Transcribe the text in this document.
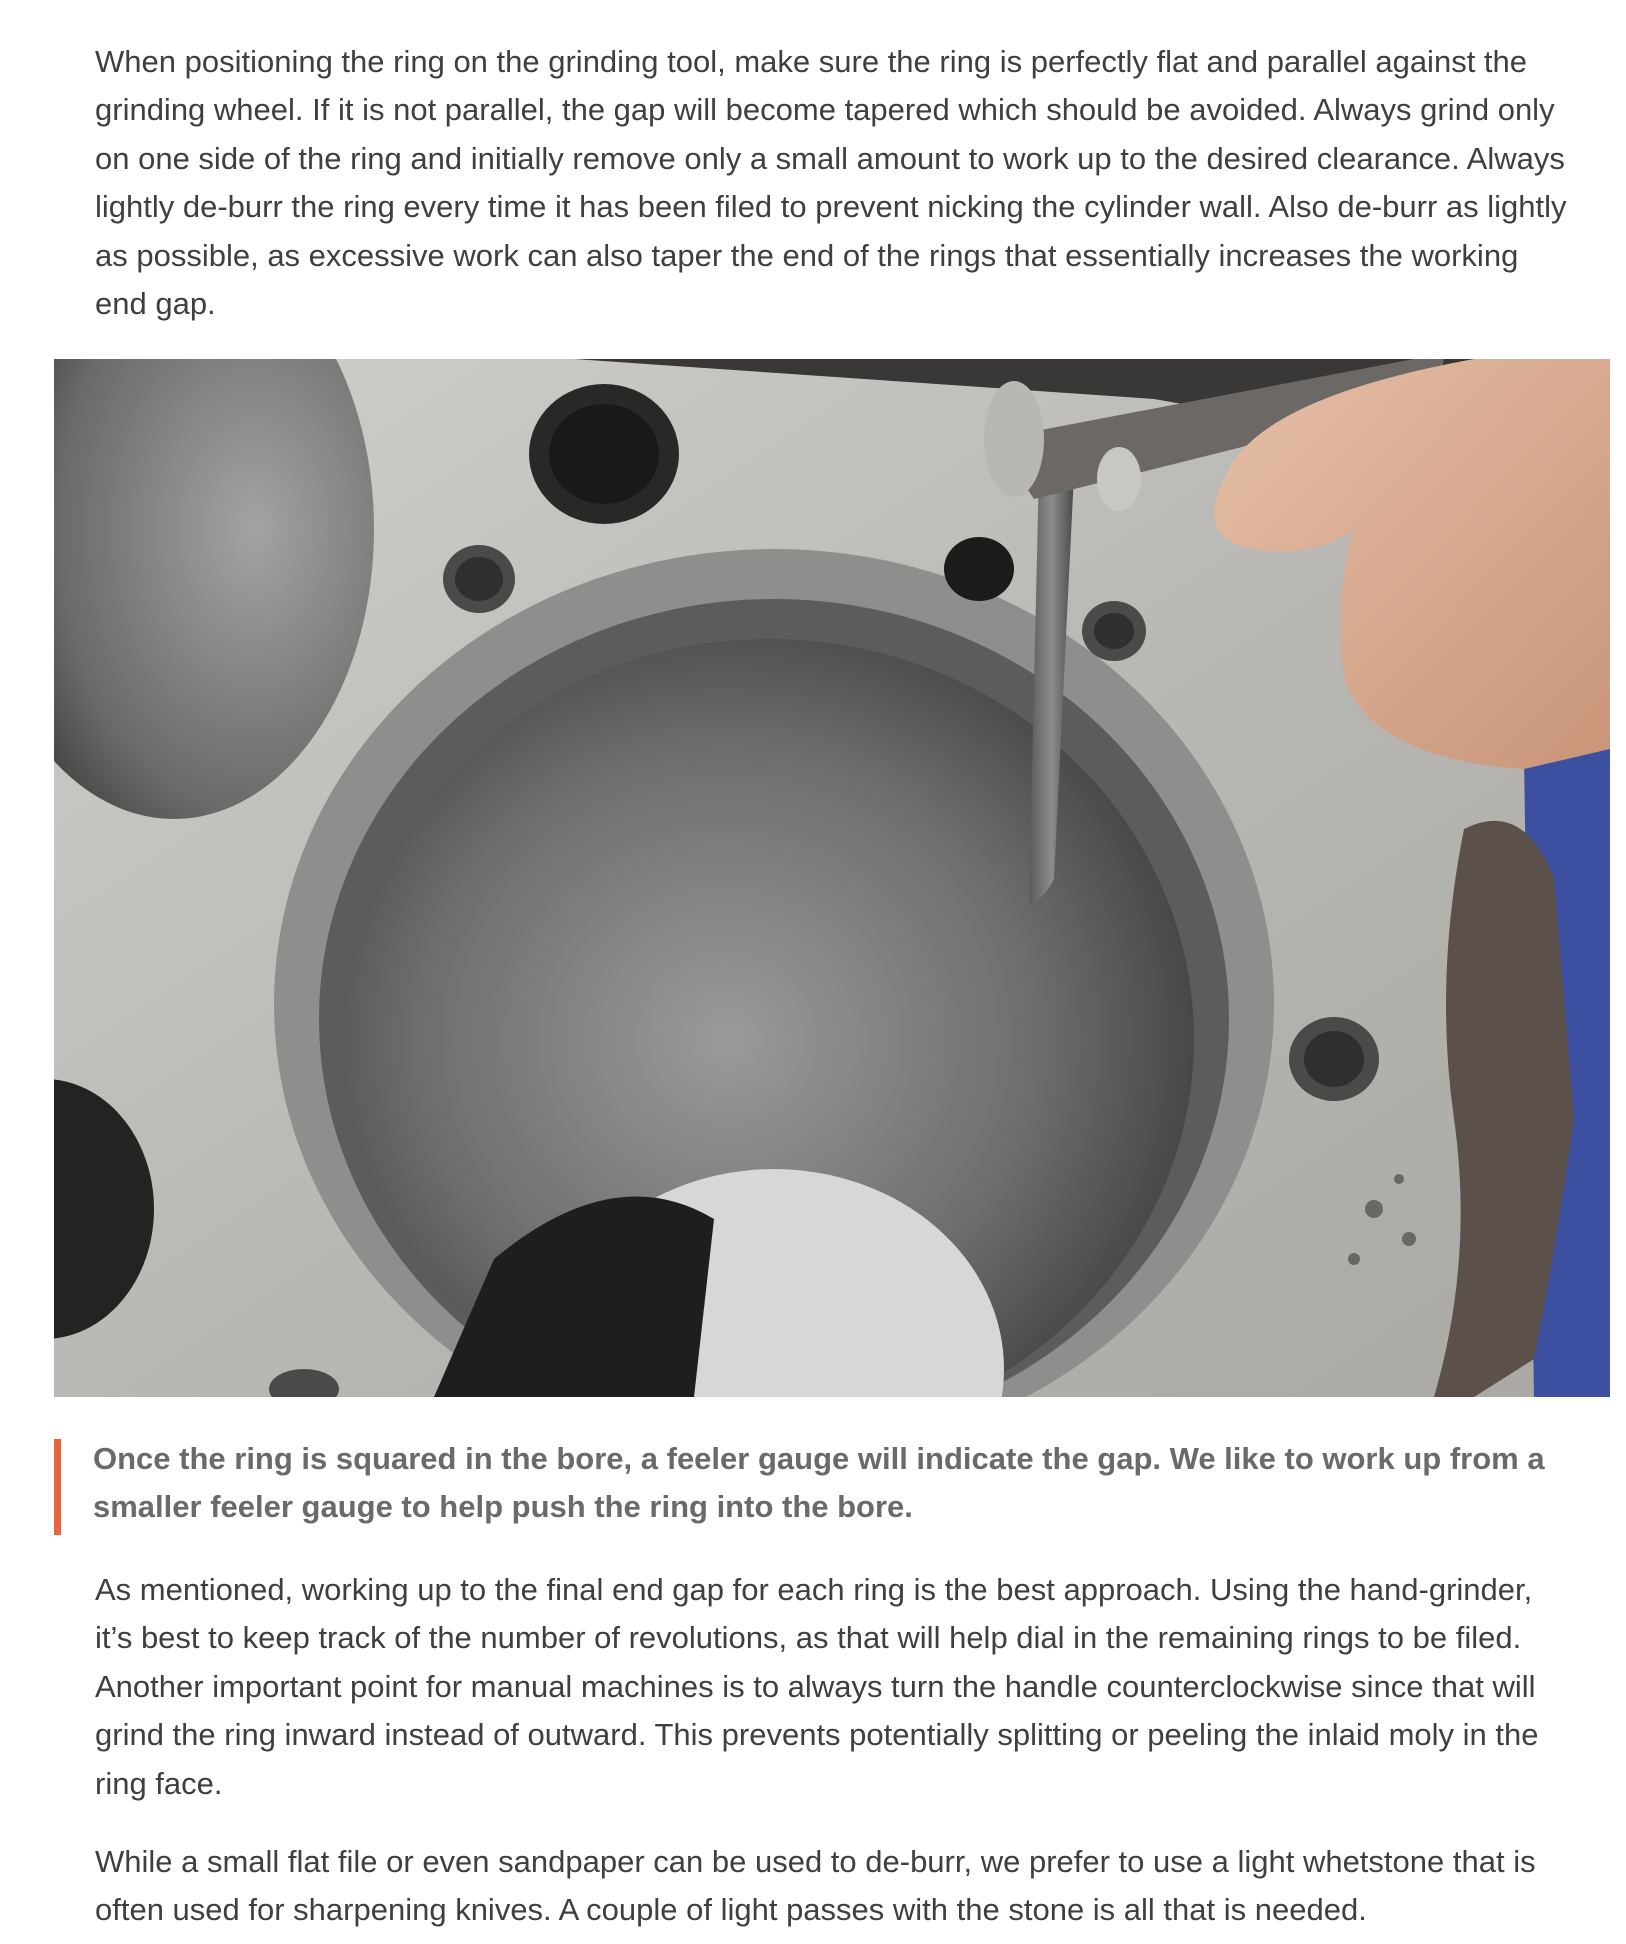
When positioning the ring on the grinding tool, make sure the ring is perfectly flat and parallel against the grinding wheel. If it is not parallel, the gap will become tapered which should be avoided. Always grind only on one side of the ring and initially remove only a small amount to work up to the desired clearance. Always lightly de-burr the ring every time it has been filed to prevent nicking the cylinder wall. Also de-burr as lightly as possible, as excessive work can also taper the end of the rings that essentially increases the working end gap.

Once the ring is squared in the bore, a feeler gauge will indicate the gap. We like to work up from a smaller feeler gauge to help push the ring into the bore.

As mentioned, working up to the final end gap for each ring is the best approach. Using the hand-grinder, it’s best to keep track of the number of revolutions, as that will help dial in the remaining rings to be filed. Another important point for manual machines is to always turn the handle counterclockwise since that will grind the ring inward instead of outward. This prevents potentially splitting or peeling the inlaid moly in the ring face.

While a small flat file or even sandpaper can be used to de-burr, we prefer to use a light whetstone that is often used for sharpening knives. A couple of light passes with the stone is all that is needed.
